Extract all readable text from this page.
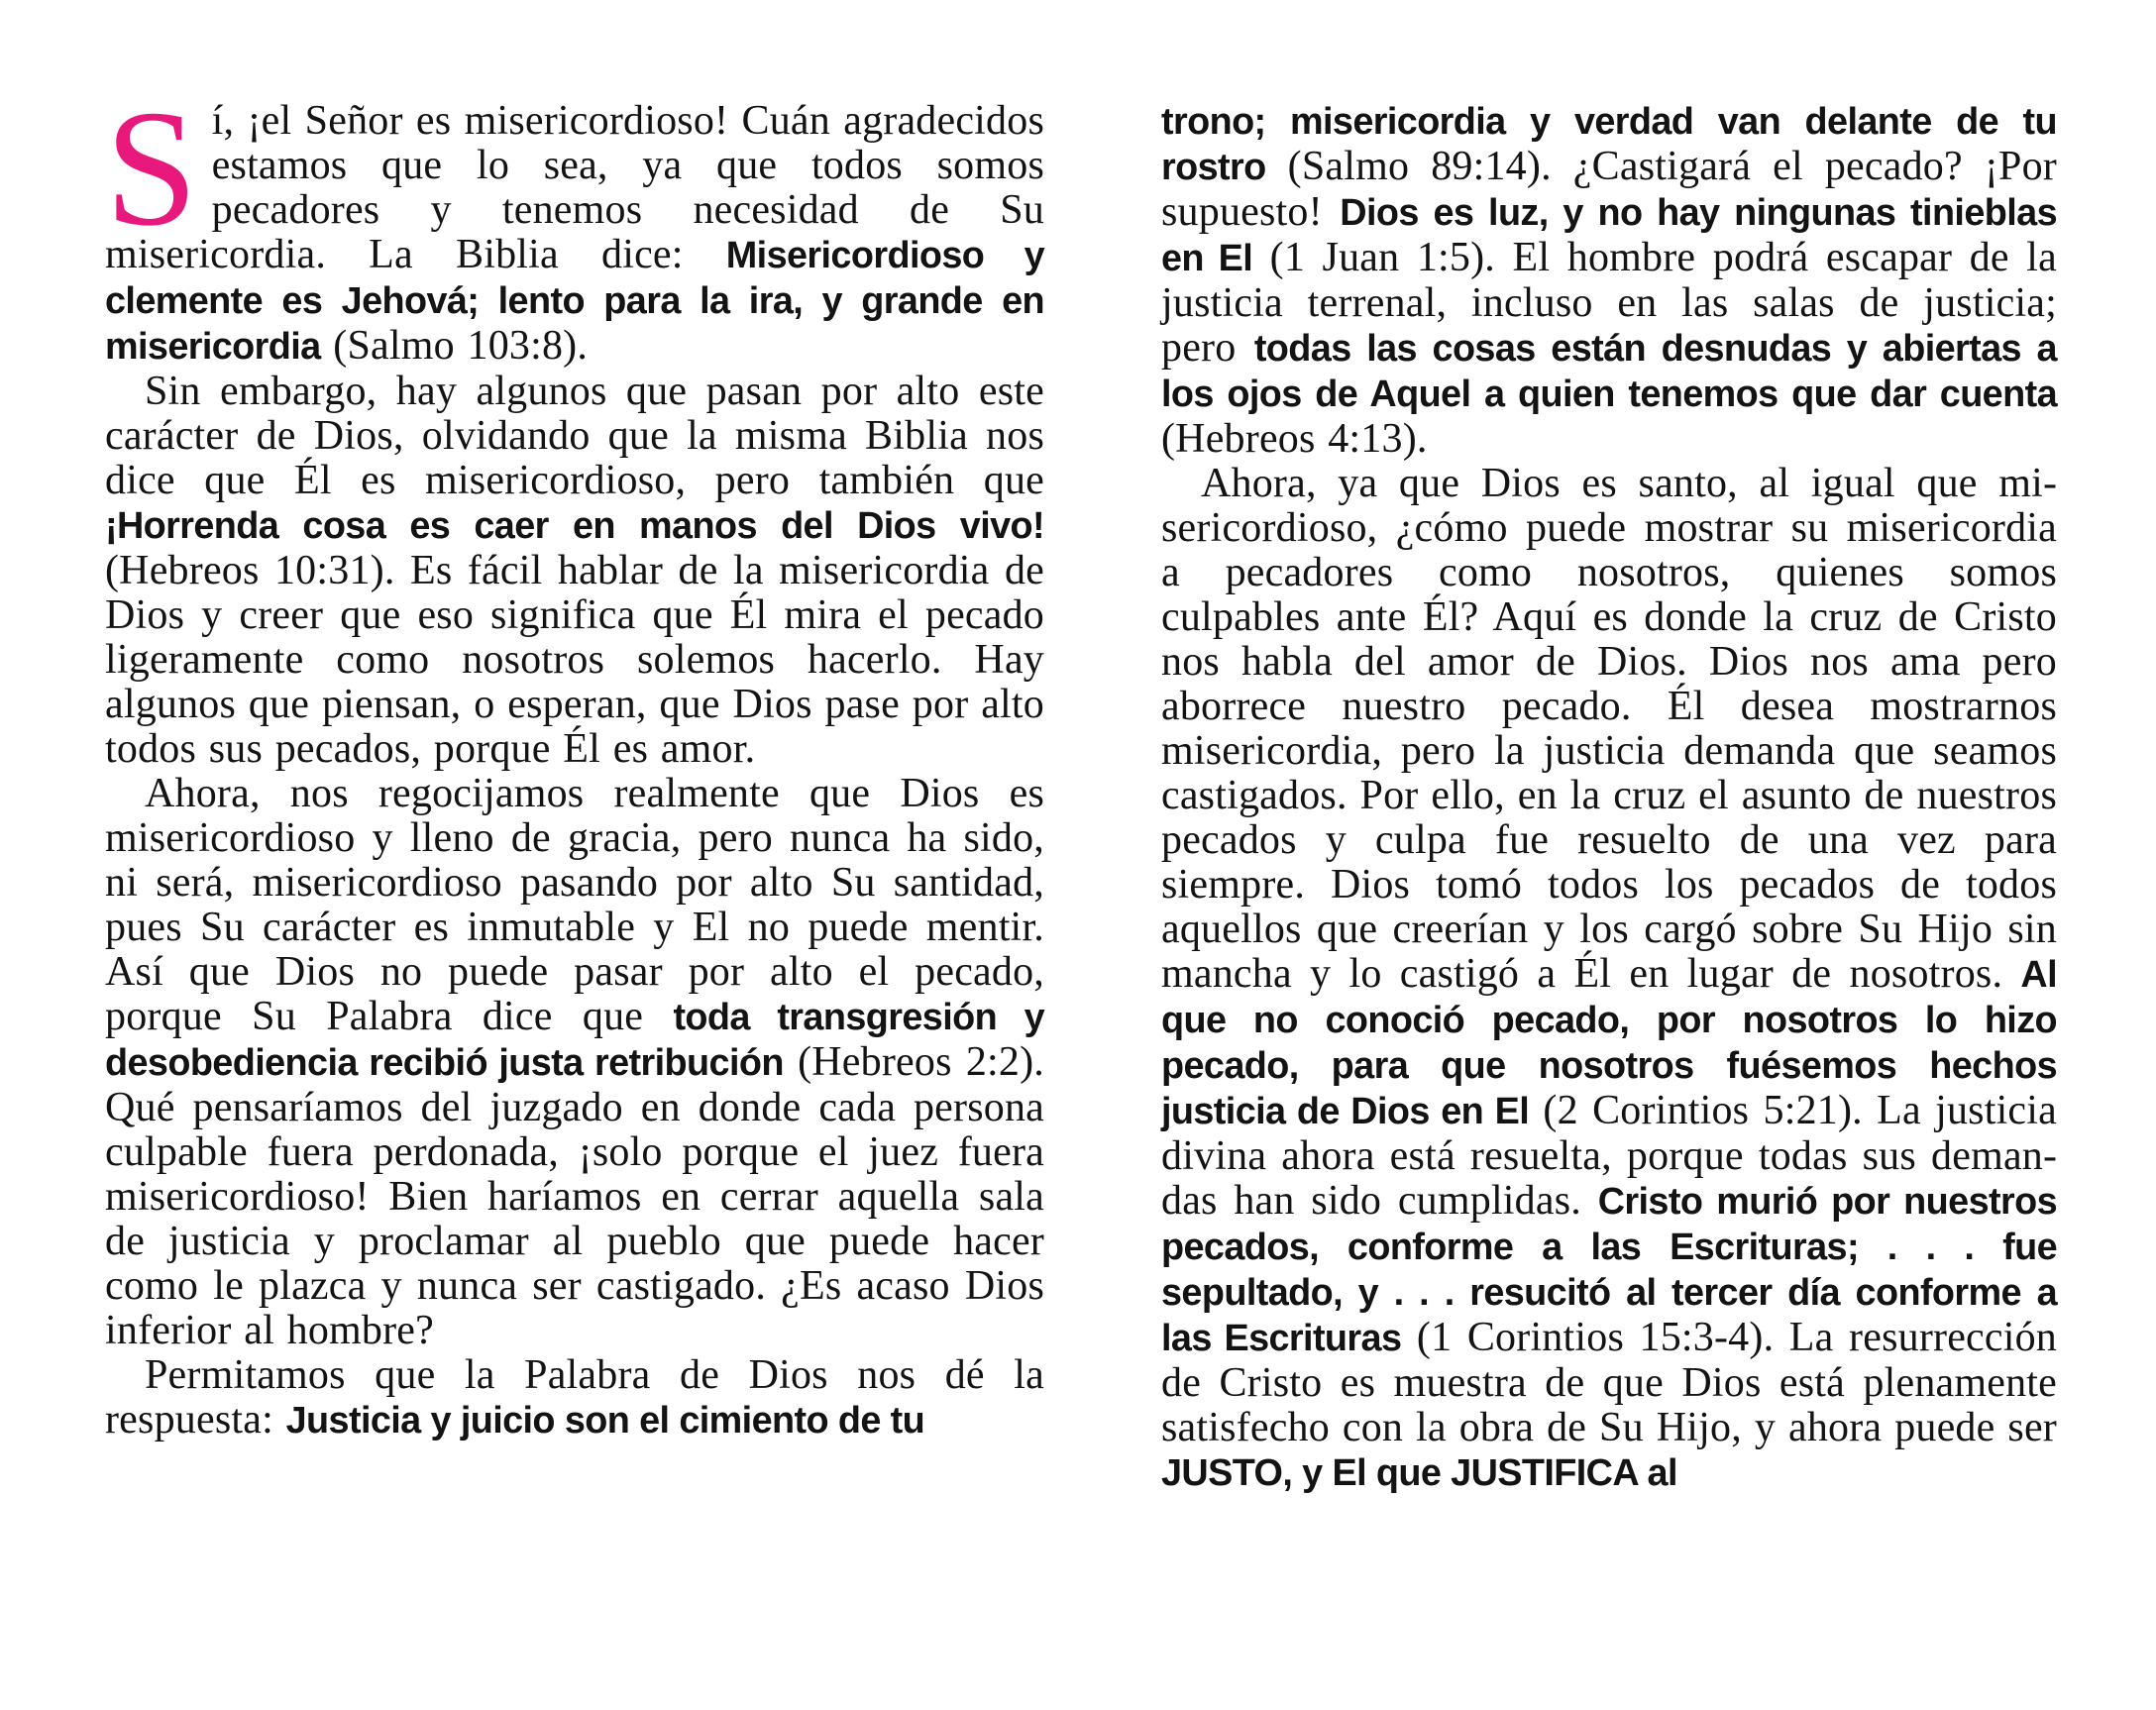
Sí, ¡el Señor es misericordioso! Cuán agradecidos estamos que lo sea, ya que todos somos pecadores y tenemos necesidad de Su misericordia. La Biblia dice: Misericordioso y clemente es Jehová; lento para la ira, y grande en misericordia (Salmo 103:8).

Sin embargo, hay algunos que pasan por alto este carácter de Dios, olvidando que la misma Biblia nos dice que Él es misericordioso, pero también que ¡Horrenda cosa es caer en manos del Dios vivo! (Hebreos 10:31). Es fácil hablar de la misericordia de Dios y creer que eso significa que Él mira el pecado ligeramente como nosotros solemos hacerlo. Hay algunos que piensan, o esperan, que Dios pase por alto todos sus pecados, porque Él es amor.

Ahora, nos regocijamos realmente que Dios es misericordioso y lleno de gracia, pero nunca ha sido, ni será, misericordioso pasando por alto Su santidad, pues Su carácter es inmutable y El no puede mentir. Así que Dios no puede pasar por alto el pecado, porque Su Palabra dice que toda transgresión y desobediencia recibió justa retribución (Hebreos 2:2). Qué pensaríamos del juzgado en donde cada persona culpable fuera perdonada, ¡solo porque el juez fuera misericordioso! Bien haríamos en cerrar aquella sala de justicia y proclamar al pueblo que puede hacer como le plazca y nunca ser castigado. ¿Es acaso Dios inferior al hombre?

Permitamos que la Palabra de Dios nos dé la respuesta: Justicia y juicio son el cimiento de tu

trono; misericordia y verdad van delante de tu rostro (Salmo 89:14). ¿Castigará el pecado? ¡Por supuesto! Dios es luz, y no hay ningunas tinieblas en El (1 Juan 1:5). El hombre podrá escapar de la justicia terrenal, incluso en las salas de justicia; pero todas las cosas están desnudas y abiertas a los ojos de Aquel a quien tenemos que dar cuenta (Hebreos 4:13).

Ahora, ya que Dios es santo, al igual que misericordioso, ¿cómo puede mostrar su misericordia a pecadores como nosotros, quienes somos culpables ante Él? Aquí es donde la cruz de Cristo nos habla del amor de Dios. Dios nos ama pero aborrece nuestro pecado. Él desea mostrarnos misericordia, pero la justicia demanda que seamos castigados. Por ello, en la cruz el asunto de nuestros pecados y culpa fue resuelto de una vez para siempre. Dios tomó todos los pecados de todos aquellos que creerían y los cargó sobre Su Hijo sin mancha y lo castigó a Él en lugar de nosotros. Al que no conoció pecado, por nosotros lo hizo pecado, para que nosotros fuésemos hechos justicia de Dios en El (2 Corintios 5:21). La justicia divina ahora está resuelta, porque todas sus demandas han sido cumplidas. Cristo murió por nuestros pecados, conforme a las Escrituras; . . . fue sepultado, y . . . resucitó al tercer día conforme a las Escrituras (1 Corintios 15:3-4). La resurrección de Cristo es muestra de que Dios está plenamente satisfecho con la obra de Su Hijo, y ahora puede ser JUSTO, y El que JUSTIFICA al
